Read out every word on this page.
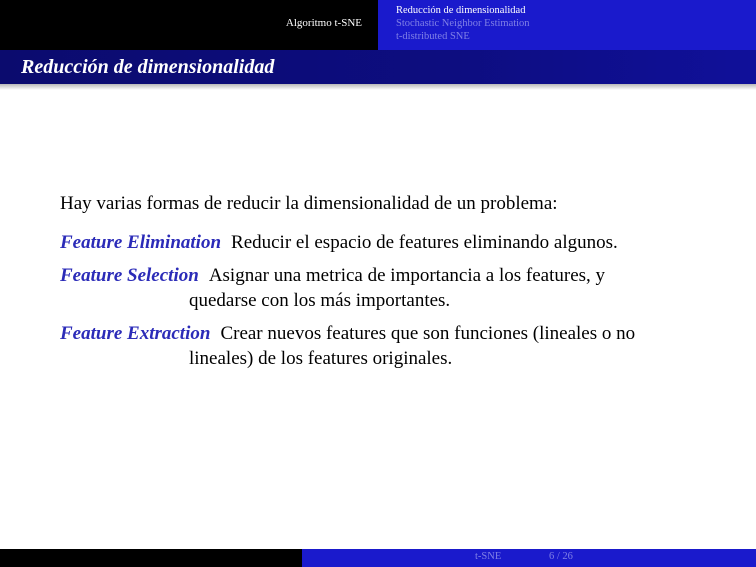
Algoritmo t-SNE
Reducción de dimensionalidad
Stochastic Neighbor Estimation
t-distributed SNE
Reducción de dimensionalidad

Hay varias formas de reducir la dimensionalidad de un problema:

Feature Elimination Reducir el espacio de features eliminando algunos.
Feature Selection Asignar una metrica de importancia a los features, y
quedarse con los más importantes.
Feature Extraction Crear nuevos features que son funciones (lineales o no
lineales) de los features originales.
t-SNE	6 / 26
